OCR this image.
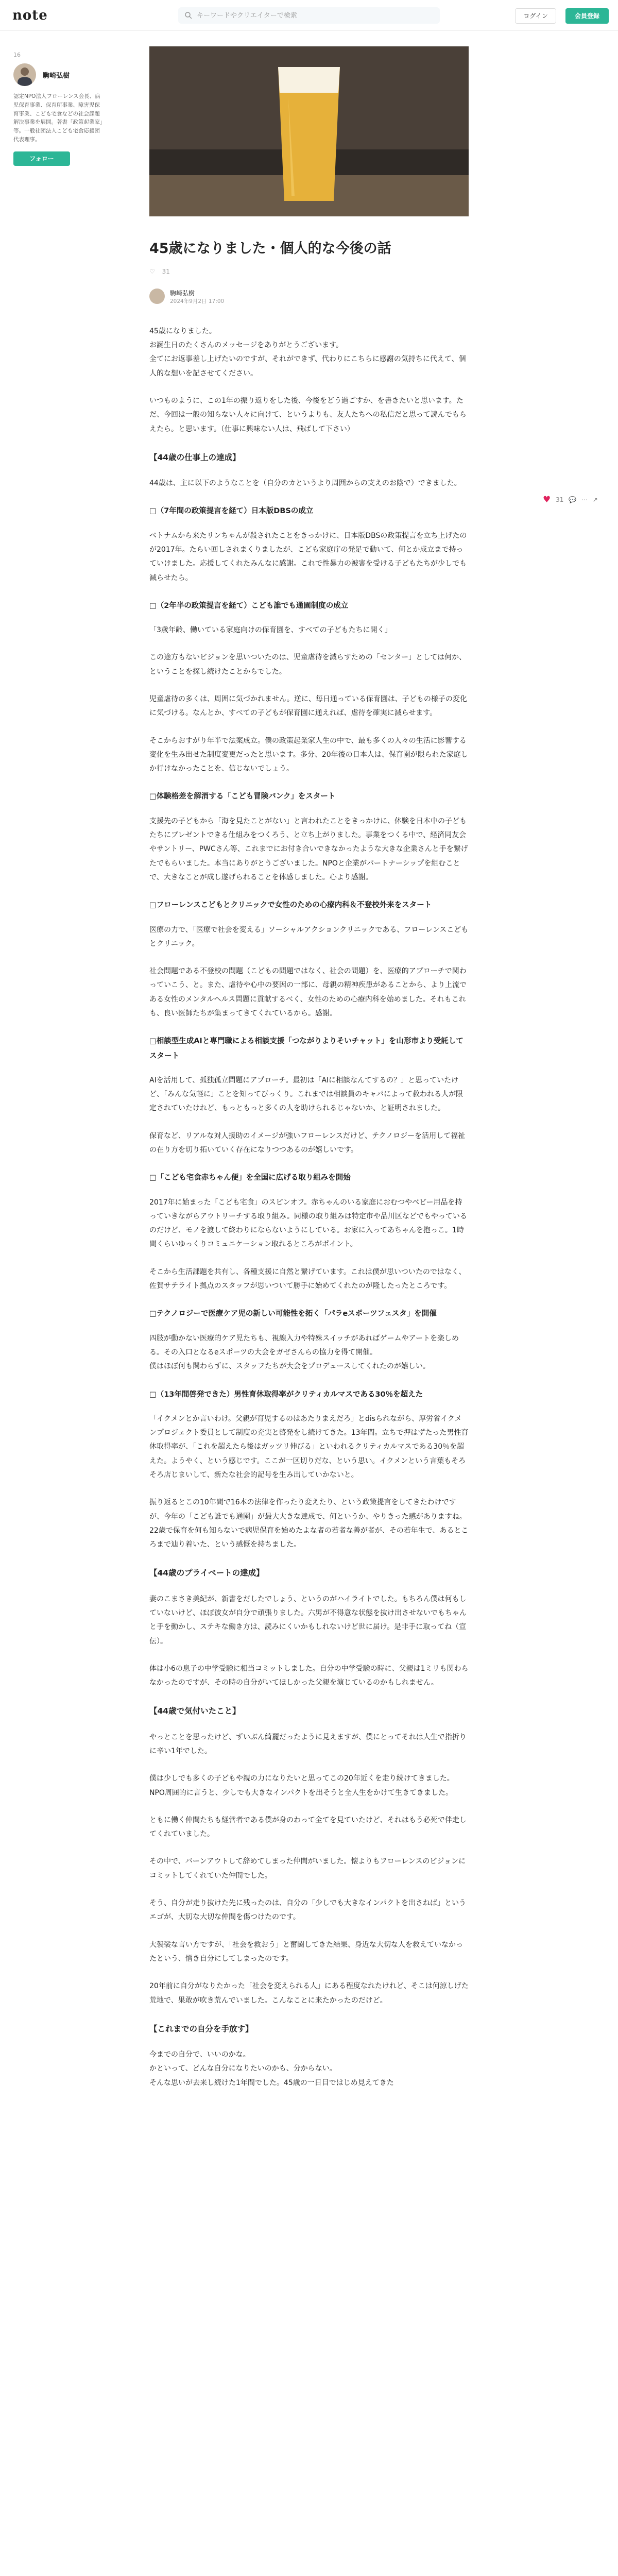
note
キーワードやクリエイターで検索	ログイン	会員登録
16
駒崎弘樹
認定NPO法人フローレンス会長、病児保育事業、保育所事業、障害児保育事業、こども宅食などの社会課題解決事業を展開。著書「政策起業家」等。一般社団法人こども宅食応援団代表理事。
フォロー
♥ 31 💬 ⋯ ↗
45歳になりました・個人的な今後の話
♡ 31
駒崎弘樹
2024年9月2日 17:00

45歳になりました。
お誕生日のたくさんのメッセージをありがとうございます。
全てにお返事差し上げたいのですが、それができず、代わりにこちらに感謝の気持ちに代えて、個人的な想いを記させてください。

いつものように、この1年の振り返りをした後、今後をどう過ごすか、を書きたいと思います。ただ、今回は一般の知らない人々に向けて、というよりも、友人たちへの私信だと思って読んでもらえたら。と思います。（仕事に興味ない人は、飛ばして下さい）

【44歳の仕事上の達成】

44歳は、主に以下のようなことを（自分のカというより周囲からの支えのお陰で）できました。

□（7年間の政策提言を経て）日本版DBSの成立

ベトナムから来たリンちゃんが殺されたことをきっかけに、日本版DBSの政策提言を立ち上げたのが2017年。たらい回しされまくりましたが、こども家庭庁の発足で動いて、何とか成立まで持っていけました。応援してくれたみんなに感謝。これで性暴力の被害を受ける子どもたちが少しでも減らせたら。

□（2年半の政策提言を経て）こども誰でも通園制度の成立
「3歳年齢、働いている家庭向けの保育園を、すべての子どもたちに開く」

この途方もないビジョンを思いついたのは、児童虐待を減らすための「センター」としては何か、ということを探し続けたことからでした。

児童虐待の多くは、周囲に気づかれません。逆に、毎日通っている保育園は、子どもの様子の変化に気づける。なんとか、すべての子どもが保育園に通えれば、虐待を確実に減らせます。

そこからおすがり年半で法案成立。僕の政策起業家人生の中で、最も多くの人々の生活に影響する変化を生み出せた制度変更だったと思います。多分、20年後の日本人は、保育園が限られた家庭しか行けなかったことを、信じないでしょう。

□体験格差を解消する「こども冒険バンク」をスタート

支援先の子どもから「海を見たことがない」と言われたことをきっかけに、体験を日本中の子どもたちにプレゼントできる仕組みをつくろう、と立ち上がりました。事業をつくる中で、経済同友会やサントリー、PWCさん等、これまでにお付き合いできなかったような大きな企業さんと手を繋げたでもらいました。本当にありがとうございました。NPOと企業がパートナーシップを組むことで、大きなことが成し遂げられることを体感しました。心より感謝。

□フローレンスこどもとクリニックで女性のための心療内科＆不登校外来をスタート

医療の力で、「医療で社会を変える」ソーシャルアクションクリニックである、フローレンスこどもとクリニック。

社会問題である不登校の問題（こどもの問題ではなく、社会の問題）を、医療的アプローチで関わっていこう、と。また、虐待や心中の要因の一部に、母親の精神疾患があることから、より上流である女性のメンタルヘルス問題に貢献するべく、女性のための心療内科を始めました。それもこれも、良い医師たちが集まってきてくれているから。感謝。

□相談型生成AIと専門職による相談支援「つながりよりそいチャット」を山形市より受託してスタート

AIを活用して、孤独孤立問題にアプローチ。最初は「AIに相談なんてするの？」と思っていたけど、「みんな気軽に」ことを知ってびっくり。これまでは相談員のキャパによって救われる人が限定されていたけれど、もっともっと多くの人を助けられるじゃないか、と証明されました。

保育など、リアルな対人援助のイメージが強いフローレンスだけど、テクノロジーを活用して福祉の在り方を切り拓いていく存在になりつつあるのが嬉しいです。

□「こども宅食赤ちゃん便」を全国に広げる取り組みを開始

2017年に始まった「こども宅食」のスピンオフ。赤ちゃんのいる家庭におむつやベビー用品を持っていきながらアウトリーチする取り組み。同様の取り組みは特定市や品川区などでもやっているのだけど、モノを渡して終わりにならないようにしている。お家に入ってあちゃんを抱っこ。1時間くらいゆっくりコミュニケーション取れるところがポイント。

そこから生活課題を共有し、各種支援に自然と繋げています。これは僕が思いついたのではなく、佐賀サテライト拠点のスタッフが思いついて勝手に始めてくれたのが隆したったところです。

□テクノロジーで医療ケア児の新しい可能性を拓く「パラeスポーツフェスタ」を開催

四肢が動かない医療的ケア児たちも、視線入力や特殊スイッチがあればゲームやアートを楽しめる。その入口となるeスポーツの大会をガゼさんらの協力を得て開催。
僕はほぼ何も関わらずに、スタッフたちが大会をプロデュースしてくれたのが嬉しい。

□（13年間啓発できた）男性育休取得率がクリティカルマスである30％を超えた

「イクメンとか言いわけ。父親が育児するのはあたりまえだろ」とdisられながら、厚労省イクメンプロジェクト委員として制度の充実と啓発をし続けてきた。13年間。立ちで押はずたった男性育休取得率が、「これを超えたら後はガッツリ伸びる」といわれるクリティカルマスである30％を超えた。ようやく、という感じです。ここが一区切りだな、という思い。イクメンという言葉もそろそろ店じまいして、新たな社会的記号を生み出していかないと。

振り返るとこの10年間で16本の法律を作ったり変えたり、という政策提言をしてきたわけですが、今年の「こども誰でも通園」が最大大きな達成で、何というか、やりきった感がありますね。22歳で保育を何も知らないで病児保育を始めたよな者の若者な善が者が、その若年生で、あるところまで辿り着いた、という感慨を持ちました。

【44歳のプライベートの達成】

妻のこまさき美紀が、新書をだしたでしょう、というのがハイライトでした。もちろん僕は何もしていないけど、ほぼ彼女が自分で頑張りました。六男が不得意な状態を抜け出させないでもちゃんと手を動かし、ステキな働き方は、読みにくいかもしれないけど世に届け。是非手に取ってね（宣伝）。

体は小6の息子の中学受験に相当コミットしました。自分の中学受験の時に、父親は1ミリも関わらなかったのですが、その時の自分がいてほしかった父親を演じているのかもしれません。

【44歳で気付いたこと】

やっとことを思ったけど、ずいぶん綺麗だったように見えますが、僕にとってそれは人生で指折りに辛い1年でした。

僕は少しでも多くの子どもや親の力になりたいと思ってこの20年近くを走り続けてきました。NPO周囲的に言うと、少しでも大きなインパクトを出そうと全人生をかけて生きてきました。

ともに働く仲間たちも経営者である僕が身のわって全てを見ていたけど、それはもう必死で伴走してくれていました。

その中で、バーンアウトして辞めてしまった仲間がいました。懐よりもフローレンスのビジョンにコミットしてくれていた仲間でした。

そう、自分が走り抜けた先に残ったのは、自分の「少しでも大きなインパクトを出さねば」というエゴが、大切な大切な仲間を傷つけたのです。

大袈裟な言い方ですが、「社会を救おう」と奮闘してきた結果、身近な大切な人を救えていなかったという、憎き自分にしてしまったのです。

20年前に自分がなりたかった「社会を変えられる人」にある程度なれたけれど、そこは何涼しげた荒地で、果敢が吹き荒んでいました。こんなことに来たかったのだけど。

【これまでの自分を手放す】

今までの自分で、いいのかな。
かといって、どんな自分になりたいのかも、分からない。
そんな思いが去来し続けた1年間でした。45歳の一日目ではじめ見えてきた
